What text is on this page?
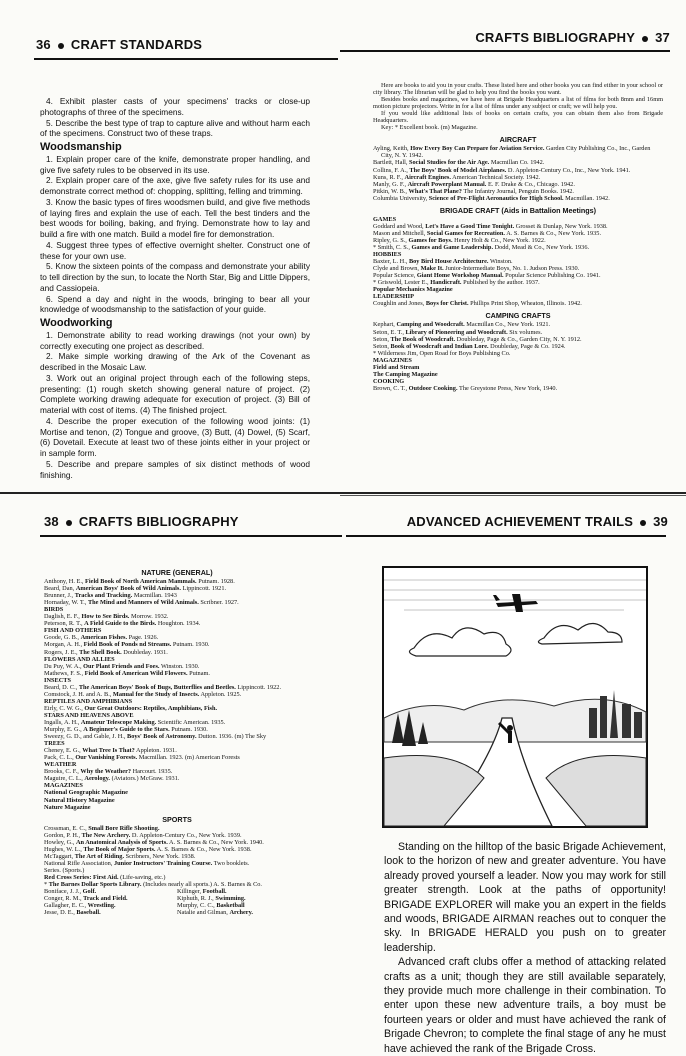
36 CRAFT STANDARDS

4. Exhibit plaster casts of your specimens' tracks or close-up photographs of three of the specimens.

5. Describe the best type of trap to capture alive and without harm each of the specimens. Construct two of these traps.

Woodsmanship

1. Explain proper care of the knife, demonstrate proper handling, and give five safety rules to be observed in its use.

2. Explain proper care of the axe, give five safety rules for its use and demonstrate correct method of: chopping, splitting, felling and trimming.

3. Know the basic types of fires woodsmen build, and give five methods of laying fires and explain the use of each. Tell the best tinders and the best woods for boiling, baking, and frying. Demonstrate how to lay and build a fire with one match. Build a model fire for demonstration.

4. Suggest three types of effective overnight shelter. Construct one of these for your own use.

5. Know the sixteen points of the compass and demonstrate your ability to tell direction by the sun, to locate the North Star, Big and Little Dippers, and Cassiopeia.

6. Spend a day and night in the woods, bringing to bear all your knowledge of woodsmanship to the satisfaction of your guide.

Woodworking

1. Demonstrate ability to read working drawings (not your own) by correctly executing one project as described.

2. Make simple working drawing of the Ark of the Covenant as described in the Mosaic Law.

3. Work out an original project through each of the following steps, presenting: (1) rough sketch showing general nature of project. (2) Complete working drawing adequate for execution of project. (3) Bill of material with cost of items. (4) The finished project.

4. Describe the proper execution of the following wood joints: (1) Mortise and tenon, (2) Tongue and groove, (3) Butt, (4) Dowel, (5) Scarf, (6) Dovetail. Execute at least two of these joints either in your project or in sample form.

5. Describe and prepare samples of six distinct methods of wood finishing.

CRAFTS BIBLIOGRAPHY 37

Here are books to aid you in your crafts. These listed here and other books you can find either in your school or city library. The librarian will be glad to help you find the books you want.

Besides books and magazines, we have here at Brigade Headquarters a list of films for both 8mm and 16mm motion picture projectors. Write in for a list of films under any subject or craft; we will help you.

If you would like additional lists of books on certain crafts, you can obtain them also from Brigade Headquarters.

Key: * Excellent book. (m) Magazine.

AIRCRAFT

Ayling, Keith, How Every Boy Can Prepare for Aviation Service. Garden City Publishing Co., Inc., Garden City, N. Y. 1942.

Bartlett, Hall, Social Studies for the Air Age. Macmillan Co. 1942.

Collins, F. A., The Boys' Book of Model Airplanes. D. Appleton-Century Co., Inc., New York. 1941.

Kuns, R. F., Aircraft Engines. American Technical Society. 1942.

Manly, G. F., Aircraft Powerplant Manual. E. F. Drake & Co., Chicago. 1942.

Pitkin, W. B., What's That Plane? The Infantry Journal, Penguin Books. 1942.

Columbia University, Science of Pre-Flight Aeronautics for High School. Macmillan. 1942.

BRIGADE CRAFT (Aids in Battalion Meetings)

GAMES

Goddard and Wood, Let's Have a Good Time Tonight. Grosset & Dunlap, New York. 1938.

Mason and Mitchell, Social Games for Recreation. A. S. Barnes & Co., New York. 1935.

Ripley, G. S., Games for Boys. Henry Holt & Co., New York. 1922.

* Smith, C. S., Games and Game Leadership. Dodd, Mead & Co., New York. 1936.

HOBBIES

Baxter, L. H., Boy Bird House Architecture. Winston.

Clyde and Brown, Make It. Junior-Intermediate Boys, No. 1. Judson Press. 1930.

Popular Science, Giant Home Workshop Manual. Popular Science Publishing Co. 1941.

* Griswold, Lester E., Handicraft. Published by the author. 1937.

Popular Mechanics Magazine

LEADERSHIP

Coughlin and Jones, Boys for Christ. Phillips Print Shop, Wheaton, Illinois. 1942.

CAMPING CRAFTS

Kephart, Camping and Woodcraft. Macmillan Co., New York. 1921.

Seton, E. T., Library of Pioneering and Woodcraft. Six volumes.

Seton, The Book of Woodcraft. Doubleday, Page & Co., Garden City, N. Y. 1912.

Seton, Book of Woodcraft and Indian Lore. Doubleday, Page & Co. 1924.

* Wilderness Jim, Open Road for Boys Publishing Co.

MAGAZINES

Field and Stream

The Camping Magazine

COOKING

Brown, C. T., Outdoor Cooking. The Greystone Press, New York, 1940.

38 CRAFTS BIBLIOGRAPHY
NATURE (GENERAL)

Anthony, H. E., Field Book of North American Mammals. Putnam. 1928.

Beard, Dan, American Boys' Book of Wild Animals. Lippincott. 1921.

Brunner, J., Tracks and Tracking. Macmillan. 1943

Hornaday, W. T., The Mind and Manners of Wild Animals. Scribner. 1927.

BIRDS

Daglish, E. F., How to See Birds. Morrow. 1932.

Peterson, R. T., A Field Guide to the Birds. Houghton. 1934.

FISH AND OTHERS

Goode, G. B., American Fishes. Page. 1926.

Morgan, A. H., Field Book of Ponds nd Streams. Putnam. 1930.

Rogers, J. E., The Shell Book. Doubleday. 1931.

FLOWERS AND ALLIES

Du Puy, W. A., Our Plant Friends and Foes. Winston. 1930.

Mathews, F. S., Field Book of American Wild Flowers. Putnam.

INSECTS

Beard, D. C., The American Boys' Book of Bugs, Butterflies and Beetles. Lippincott. 1922.

Comstock, J. H. and A. B., Manual for the Study of Insects. Appleton. 1925.

REPTILES AND AMPHIBIANS

Eirly, C. W. G., Our Great Outdoors: Reptiles, Amphibians, Fish.

STARS AND HEAVENS ABOVE

Ingalls, A. H., Amateur Telescope Making. Scientific American. 1935.

Murphy, E. G., A Beginner's Guide to the Stars. Putnam. 1930.

Sweezy, G. D., and Gable, J. H., Boys' Book of Astronomy. Dutton. 1936. (m) The Sky

TREES

Cheney, E. G., What Tree Is That? Appleton. 1931.

Pack, C. L., Our Vanishing Forests. Macmillan. 1923. (m) American Forests

WEATHER

Brooks, C. F., Why the Weather? Harcourt. 1935.

Maguire, C. L., Aerology. (Aviators.) McGraw. 1931.

MAGAZINES

National Geographic Magazine

Natural History Magazine

Nature Magazine

SPORTS

Crossman, E. C., Small Bore Rifle Shooting.

Gordon, P. H., The New Archery. D. Appleton-Century Co., New York. 1939.

Howley, G., An Anatomical Analysis of Sports. A. S. Barnes & Co., New York. 1940.

Hughes, W. L., The Book of Major Sports. A. S. Barnes & Co., New York. 1938.

McTaggart, The Art of Riding. Scribners, New York. 1938.

National Rifle Association, Junior Instructors' Training Course. Two booklets.

Series. (Sports.)

Red Cross Series: First Aid. (Life-saving, etc.)

* The Barnes Dollar Sports Library. (Includes nearly all sports.) A. S. Barnes & Co.

Boniface, J. J., Golf.

Conger, R. M., Track and Field.

Gallagher, E. C., Wrestling.

Jesse, D. E., Baseball.

Killinger, Football.

Kiphuth, R. J., Swimming.

Murphy, C. C., Basketball

Natalie and Gilman, Archery.

ADVANCED ACHIEVEMENT TRAILS 39

Standing on the hilltop of the basic Brigade Achievement, look to the horizon of new and greater adventure. You have already proved yourself a leader. Now you may work for still greater strength. Look at the paths of opportunity! BRIGADE EXPLORER will make you an expert in the fields and woods, BRIGADE AIRMAN reaches out to conquer the sky. In BRIGADE HERALD you push on to greater leadership.

Advanced craft clubs offer a method of attacking related crafts as a unit; though they are still available separately, they provide much more challenge in their combination. To enter upon these new adventure trails, a boy must be fourteen years or older and must have achieved the rank of Brigade Chevron; to complete the final stage of any he must have achieved the rank of the Brigade Cross.
